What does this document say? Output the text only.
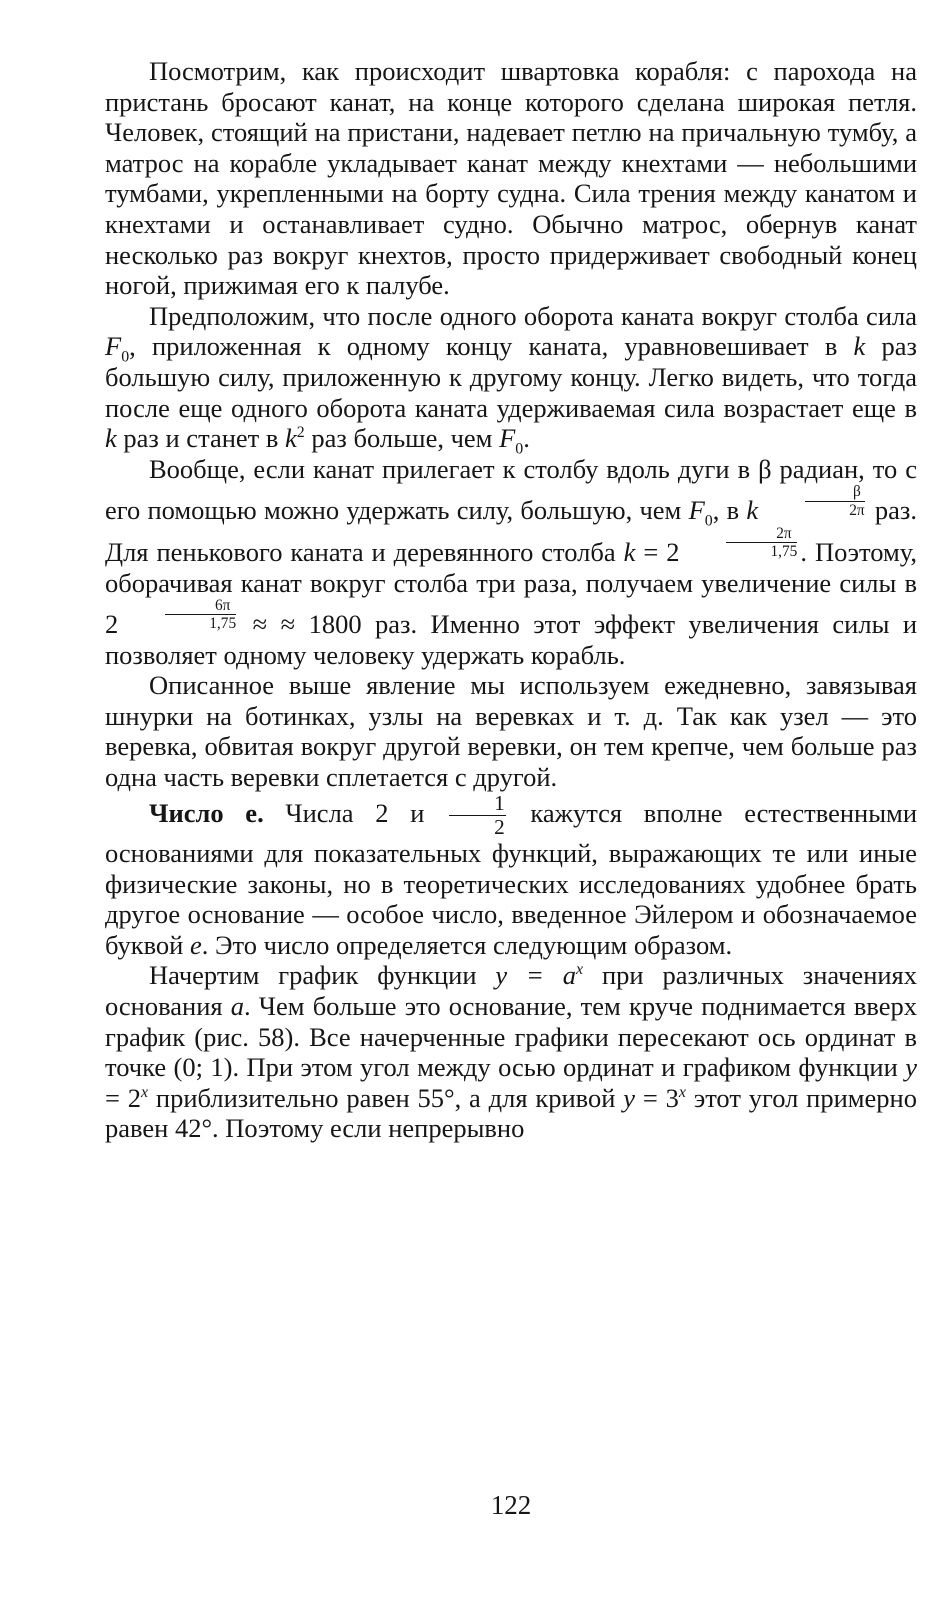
Посмотрим, как происходит швартовка корабля: с парохода на пристань бросают канат, на конце которого сделана широкая петля. Человек, стоящий на пристани, надевает петлю на причальную тумбу, а матрос на корабле укладывает канат между кнехтами — небольшими тумбами, укрепленными на борту судна. Сила трения между канатом и кнехтами и останавливает судно. Обычно матрос, обернув канат несколько раз вокруг кнехтов, просто придерживает свободный конец ногой, прижимая его к палубе.

Предположим, что после одного оборота каната вокруг столба сила $F_0$, приложенная к одному концу каната, уравновешивает в k раз большую силу, приложенную к другому концу. Легко видеть, что тогда после еще одного оборота каната удерживаемая сила возрастает еще в k раз и станет в $k^2$ раз больше, чем $F_0$.

Вообще, если канат прилегает к столбу вдоль дуги в β радиан, то с его помощью можно удержать силу, большую, чем $F_0$, в k	$\frac{\beta}{2\pi}$ раз. Для пенькового каната и деревянного столба k = 2	$\frac{2\pi}{1,75}$ . Поэтому, оборачивая канат вокруг столба три раза, получаем увеличение силы в 2	$\frac{6\pi}{1,75}$ ≈ ≈ 1800 раз. Именно этот эффект увеличения силы и позволяет одному человеку удержать корабль.

Описанное выше явление мы используем ежедневно, завязывая шнурки на ботинках, узлы на веревках и т. д. Так как узел — это веревка, обвитая вокруг другой веревки, он тем крепче, чем больше раз одна часть веревки сплетается с другой.

Число e. Числа 2 и $\frac{1}{2}$ кажутся вполне естественными основаниями для показательных функций, выражающих те или иные физические законы, но в теоретических исследованиях удобнее брать другое основание — особое число, введенное Эйлером и обозначаемое буквой e. Это число определяется следующим образом.

Начертим график функции $y = a^x$ при различных значениях основания a. Чем больше это основание, тем круче поднимается вверх график (рис. 58). Все начерченные графики пересекают ось ординат в точке (0; 1). При этом угол между осью ординат и графиком функции $y = 2^x$ приблизительно равен 55°, а для кривой $y = 3^x$ этот угол примерно равен 42°. Поэтому если непрерывно

122
